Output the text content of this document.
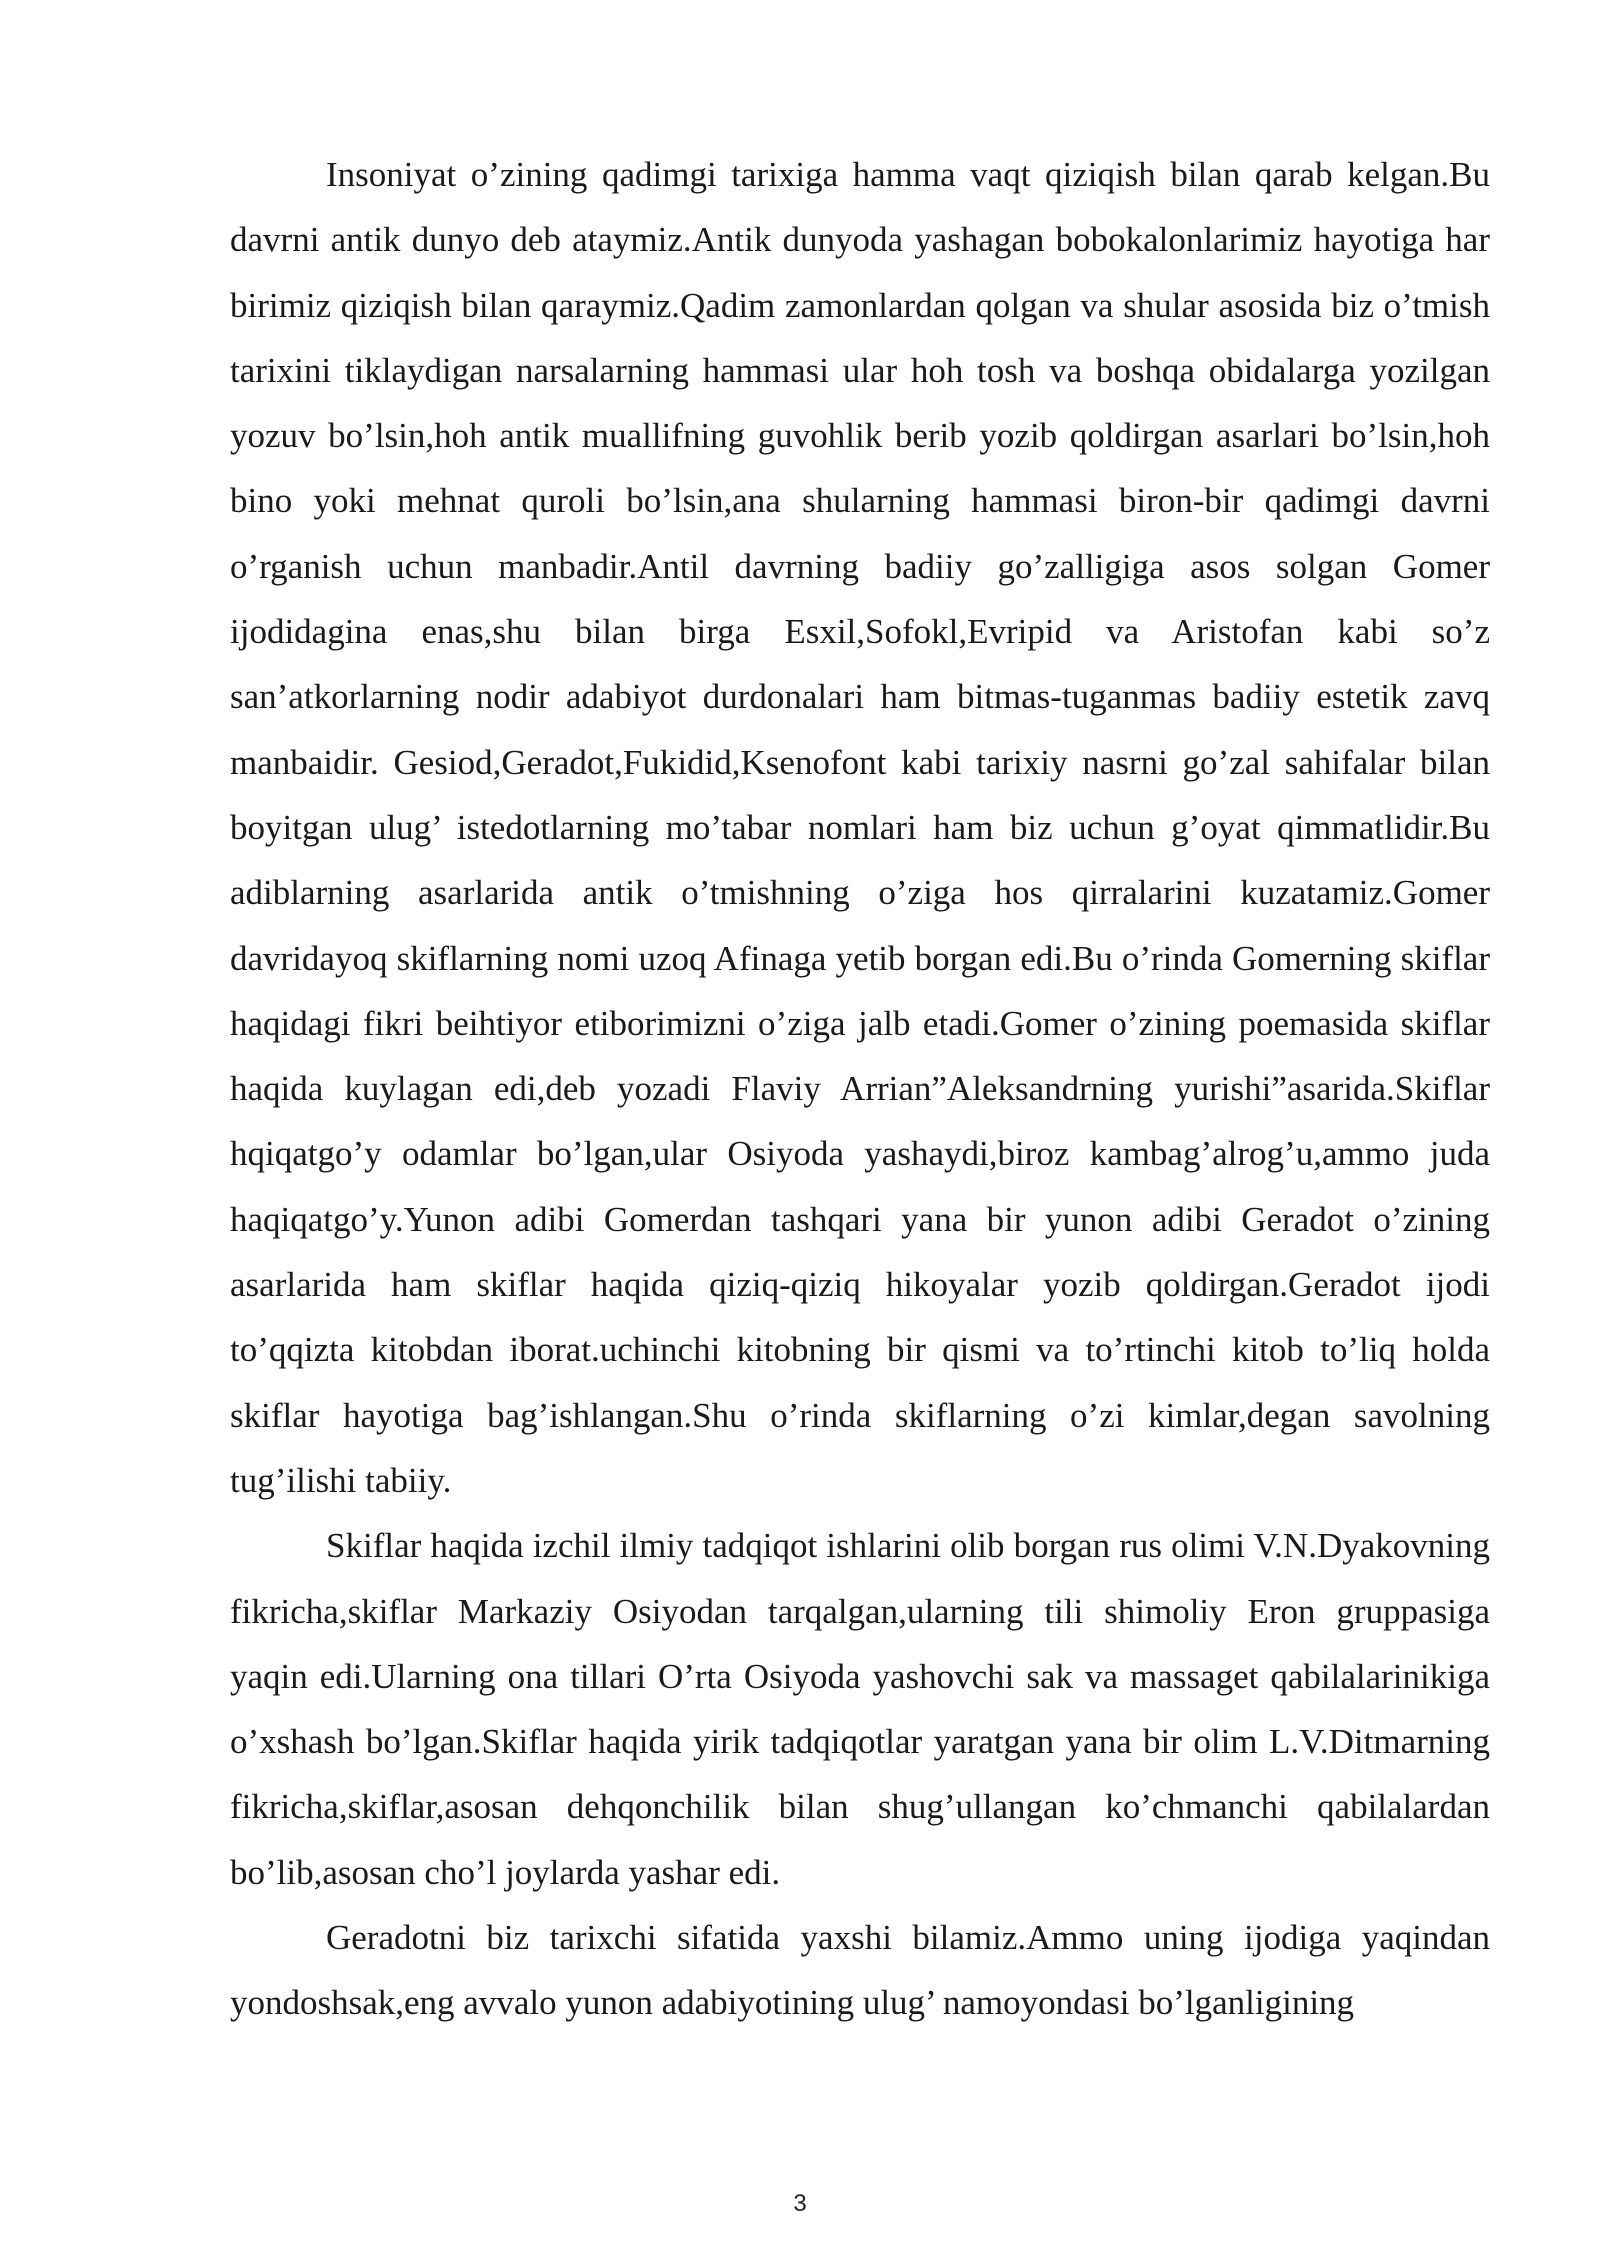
Insoniyat o’zining qadimgi tarixiga hamma vaqt qiziqish bilan qarab kelgan.Bu davrni antik dunyo deb ataymiz.Antik dunyoda yashagan bobokalonlarimiz hayotiga har birimiz qiziqish bilan qaraymiz.Qadim zamonlardan qolgan va shular asosida biz o’tmish tarixini tiklaydigan narsalarning hammasi ular hoh tosh va boshqa obidalarga yozilgan yozuv bo’lsin,hoh antik muallifning guvohlik berib yozib qoldirgan asarlari bo’lsin,hoh bino yoki mehnat quroli bo’lsin,ana shularning hammasi biron-bir qadimgi davrni o’rganish uchun manbadir.Antil davrning badiiy go’zalligiga asos solgan Gomer ijodidagina enas,shu bilan birga Esxil,Sofokl,Evripid va Aristofan kabi so’z san’atkorlarning nodir adabiyot durdonalari ham bitmas-tuganmas badiiy estetik zavq manbaidir. Gesiod,Geradot,Fukidid,Ksenofont kabi tarixiy nasrni go’zal sahifalar bilan boyitgan ulug’ istedotlarning mo’tabar nomlari ham biz uchun g’oyat qimmatlidir.Bu adiblarning asarlarida antik o’tmishning o’ziga hos qirralarini kuzatamiz.Gomer davridayoq skiflarning nomi uzoq Afinaga yetib borgan edi.Bu o’rinda Gomerning skiflar haqidagi fikri beihtiyor etiborimizni o’ziga jalb etadi.Gomer o’zining poemasida skiflar haqida kuylagan edi,deb yozadi Flaviy Arrian”Aleksandrning yurishi”asarida.Skiflar hqiqatgo’y odamlar bo’lgan,ular Osiyoda yashaydi,biroz kambag’alrog’u,ammo juda haqiqatgo’y.Yunon adibi Gomerdan tashqari yana bir yunon adibi Geradot o’zining asarlarida ham skiflar haqida qiziq-qiziq hikoyalar yozib qoldirgan.Geradot ijodi to’qqizta kitobdan iborat.uchinchi kitobning bir qismi va to’rtinchi kitob to’liq holda skiflar hayotiga bag’ishlangan.Shu o’rinda skiflarning o’zi kimlar,degan savolning tug’ilishi tabiiy.

Skiflar haqida izchil ilmiy tadqiqot ishlarini olib borgan rus olimi V.N.Dyakovning fikricha,skiflar Markaziy Osiyodan tarqalgan,ularning tili shimoliy Eron gruppasiga yaqin edi.Ularning ona tillari O’rta Osiyoda yashovchi sak va massaget qabilalarinikiga o’xshash bo’lgan.Skiflar haqida yirik tadqiqotlar yaratgan yana bir olim L.V.Ditmarning fikricha,skiflar,asosan dehqonchilik bilan shug’ullangan ko’chmanchi qabilalardan bo’lib,asosan cho’l joylarda yashar edi.

Geradotni biz tarixchi sifatida yaxshi bilamiz.Ammo uning ijodiga yaqindan yondoshsak,eng avvalo yunon adabiyotining ulug’ namoyondasi bo’lganligining

3
